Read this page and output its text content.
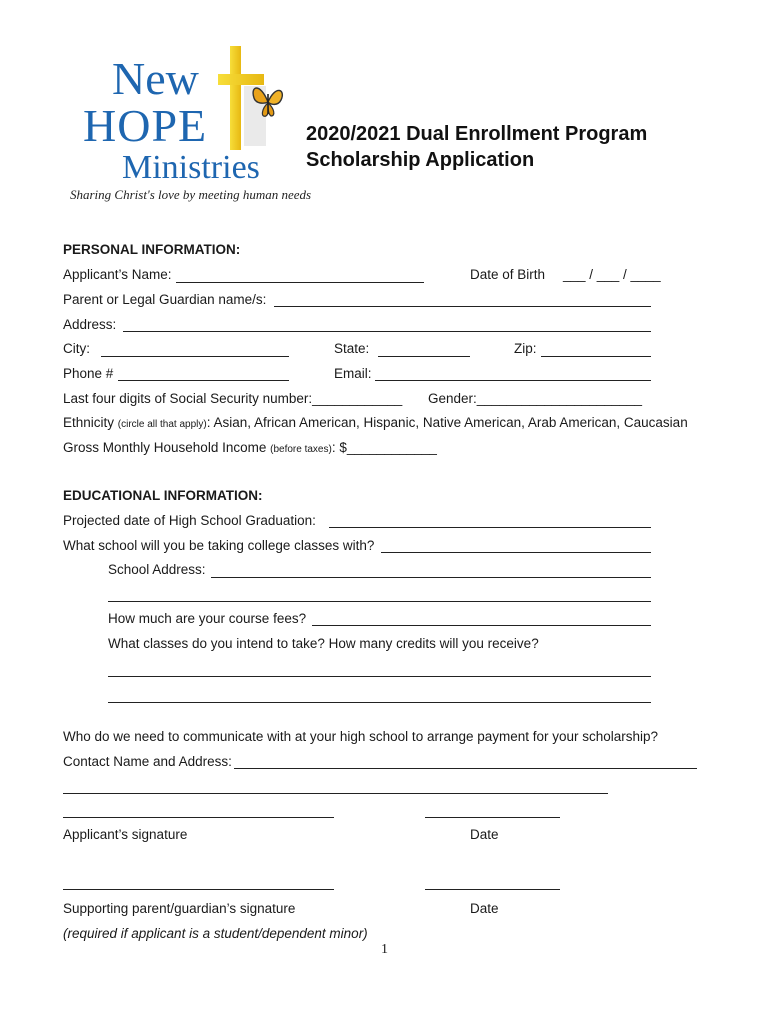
New
HOPE
Ministries
Sharing Christ's love by meeting human needs
2020/2021 Dual Enrollment Program
Scholarship Application
PERSONAL INFORMATION:
Applicant’s Name:	Date of Birth ___ / ___ / ____
Parent or Legal Guardian name/s:
Address:
City:	State:	Zip:
Phone #	Email:
Last four digits of Social Security number:____________ Gender:______________________
Ethnicity (circle all that apply): Asian, African American, Hispanic, Native American, Arab American, Caucasian
Gross Monthly Household Income (before taxes): $____________
EDUCATIONAL INFORMATION:
Projected date of High School Graduation:
What school will you be taking college classes with?
School Address:
How much are your course fees?
What classes do you intend to take? How many credits will you receive?
Who do we need to communicate with at your high school to arrange payment for your scholarship?
Contact Name and Address:
Applicant’s signature	Date
Supporting parent/guardian’s signature	Date
(required if applicant is a student/dependent minor)
1
